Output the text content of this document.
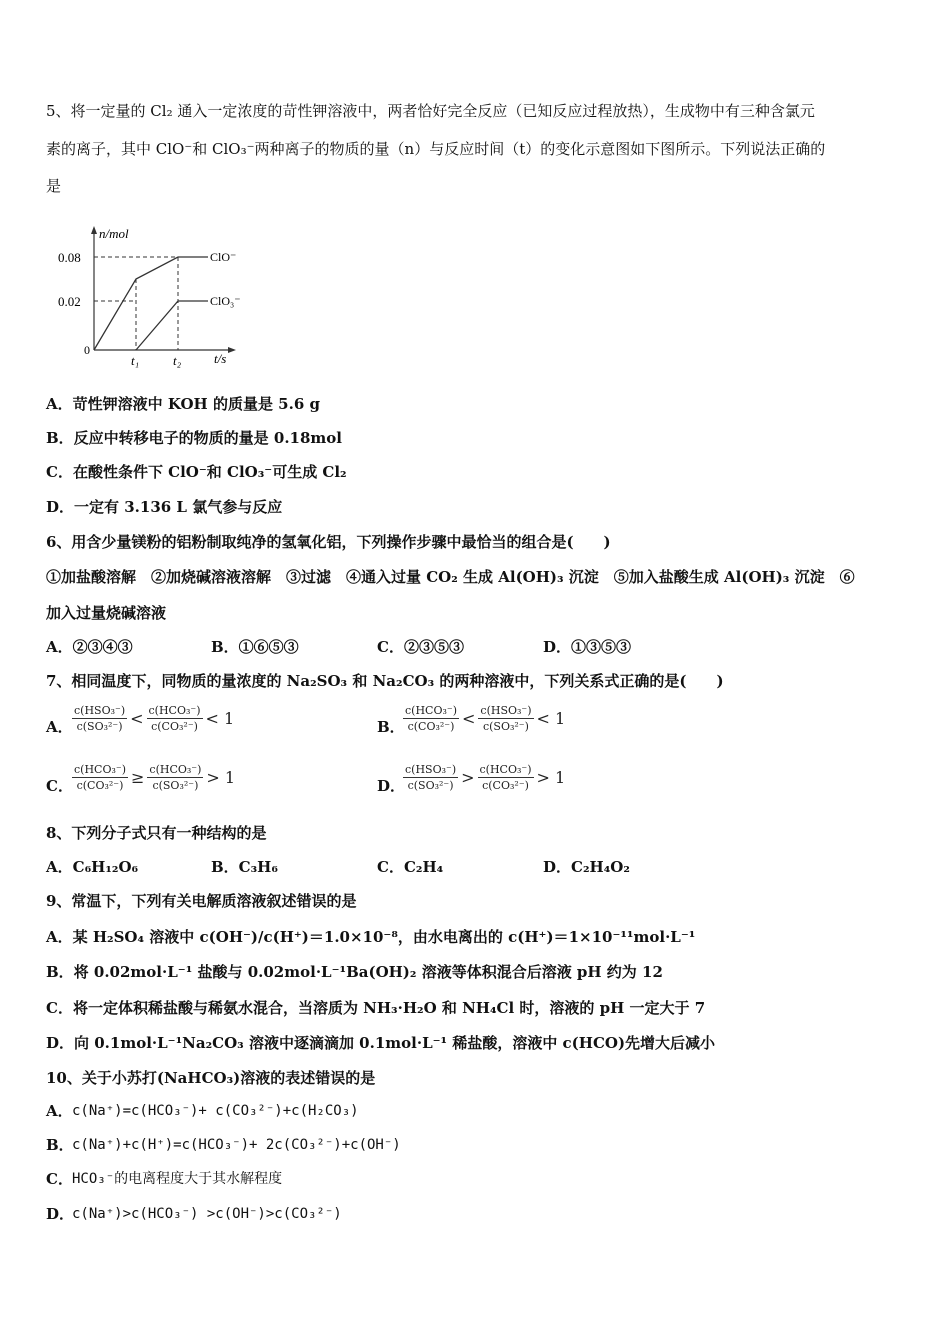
5、将一定量的 Cl₂ 通入一定浓度的苛性钾溶液中，两者恰好完全反应（已知反应过程放热），生成物中有三种含氯元
素的离子，其中 ClO⁻和 ClO₃⁻两种离子的物质的量（n）与反应时间（t）的变化示意图如下图所示。下列说法正确的
是
n/mol
0
0.08
0.02
ClO⁻
ClO₃⁻
t₁	t₂	t/s
A．苛性钾溶液中 KOH 的质量是 5.6 g
B．反应中转移电子的物质的量是 0.18mol
C．在酸性条件下 ClO⁻和 ClO₃⁻可生成 Cl₂
D．一定有 3.136 L 氯气参与反应
6、用含少量镁粉的铝粉制取纯净的氢氧化铝，下列操作步骤中最恰当的组合是(　　)
①加盐酸溶解　②加烧碱溶液溶解　③过滤　④通入过量 CO₂ 生成 Al(OH)₃ 沉淀　⑤加入盐酸生成 Al(OH)₃ 沉淀　⑥
加入过量烧碱溶液
A．②③④③	B．①⑥⑤③	C．②③⑤③	D．①③⑤③
7、相同温度下，同物质的量浓度的 Na₂SO₃ 和 Na₂CO₃ 的两种溶液中，下列关系式正确的是(　　)
A． $\frac{\text{c(HSO₃⁻)}}{\text{c(SO₃²⁻)}} < \frac{\text{c(HCO₃⁻)}}{\text{c(CO₃²⁻)}} < 1$	B．
$\frac{\text{c(HCO₃⁻)}}{\text{c(CO₃²⁻)}} < \frac{\text{c(HSO₃⁻)}}{\text{c(SO₃²⁻)}} < 1$
C． $\frac{\text{c(HCO₃⁻)}}{\text{c(CO₃²⁻)}} \ge \frac{\text{c(HCO₃⁻)}}{\text{c(SO₃²⁻)}} > 1$	D．
$\frac{\text{c(HSO₃⁻)}}{\text{c(SO₃²⁻)}} > \frac{\text{c(HCO₃⁻)}}{\text{c(CO₃²⁻)}} > 1$
8、下列分子式只有一种结构的是
A．C₆H₁₂O₆	B．C₃H₆	C．C₂H₄	D．C₂H₄O₂
9、常温下，下列有关电解质溶液叙述错误的是
A．某 H₂SO₄ 溶液中 c(OH⁻)/c(H⁺)＝1.0×10⁻⁸，由水电离出的 c(H⁺)＝1×10⁻¹¹mol·L⁻¹
B．将 0.02mol·L⁻¹ 盐酸与 0.02mol·L⁻¹Ba(OH)₂ 溶液等体积混合后溶液 pH 约为 12
C．将一定体积稀盐酸与稀氨水混合，当溶质为 NH₃·H₂O 和 NH₄Cl 时，溶液的 pH 一定大于 7
D．向 0.1mol·L⁻¹Na₂CO₃ 溶液中逐滴滴加 0.1mol·L⁻¹ 稀盐酸，溶液中 c(HCO)先增大后减小
10、关于小苏打(NaHCO₃)溶液的表述错误的是
A． c(Na⁺)=c(HCO₃⁻)+ c(CO₃²⁻)+c(H₂CO₃)
B．
c(Na⁺)+c(H⁺)=c(HCO₃⁻)+ 2c(CO₃²⁻)+c(OH⁻)
C． HCO₃⁻的电离程度大于其水解程度
D．
c(Na⁺)>c(HCO₃⁻) >c(OH⁻)>c(CO₃²⁻)
